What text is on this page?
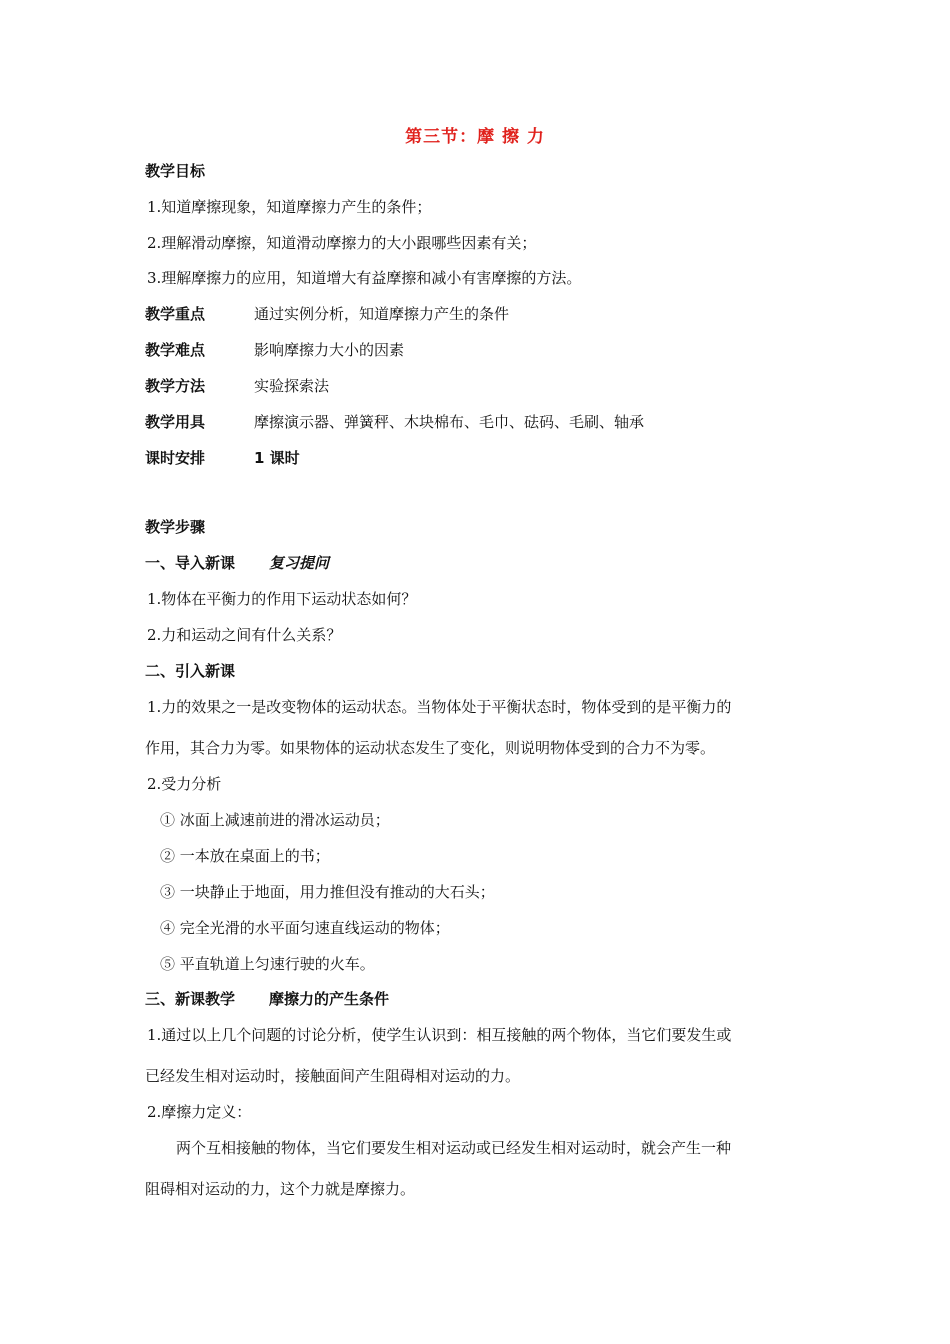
第三节：摩 擦 力
教学目标
1.知道摩擦现象，知道摩擦力产生的条件；
2.理解滑动摩擦，知道滑动摩擦力的大小跟哪些因素有关；
3.理解摩擦力的应用，知道增大有益摩擦和减小有害摩擦的方法。
教学重点	通过实例分析，知道摩擦力产生的条件
教学难点	影响摩擦力大小的因素
教学方法	实验探索法
教学用具	摩擦演示器、弹簧秤、木块棉布、毛巾、砝码、毛刷、轴承
课时安排	1 课时
教学步骤
一、导入新课 复习提问
1.物体在平衡力的作用下运动状态如何？
2.力和运动之间有什么关系？
二、引入新课
1.力的效果之一是改变物体的运动状态。当物体处于平衡状态时，物体受到的是平衡力的
作用，其合力为零。如果物体的运动状态发生了变化，则说明物体受到的合力不为零。
2.受力分析
① 冰面上减速前进的滑冰运动员；
② 一本放在桌面上的书；
③ 一块静止于地面，用力推但没有推动的大石头；
④ 完全光滑的水平面匀速直线运动的物体；
⑤ 平直轨道上匀速行驶的火车。
三、新课教学 摩擦力的产生条件
1.通过以上几个问题的讨论分析，使学生认识到：相互接触的两个物体，当它们要发生或
已经发生相对运动时，接触面间产生阻碍相对运动的力。
2.摩擦力定义：
两个互相接触的物体，当它们要发生相对运动或已经发生相对运动时，就会产生一种
阻碍相对运动的力，这个力就是摩擦力。
